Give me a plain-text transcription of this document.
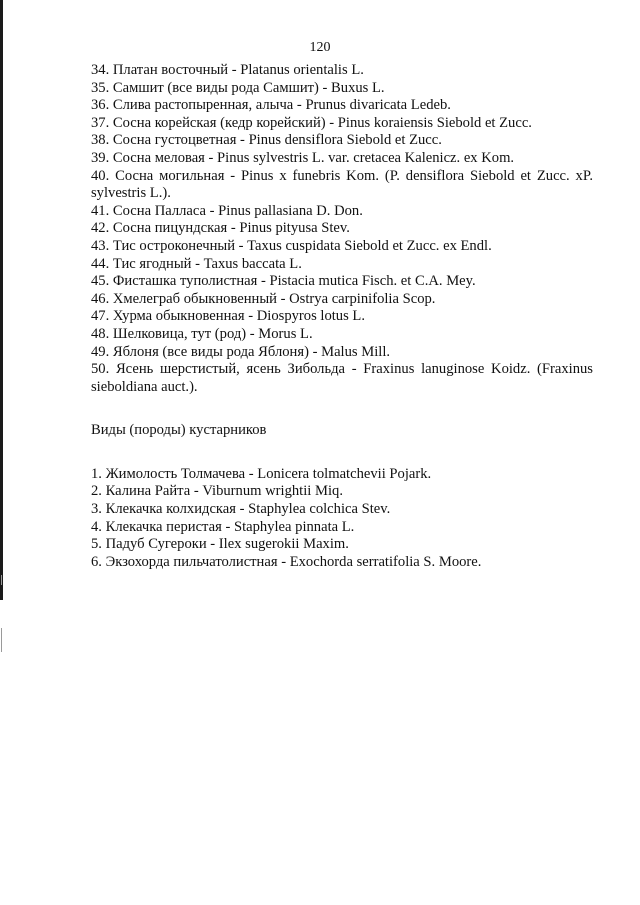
120

34. Платан восточный - Platanus orientalis L.

35. Самшит (все виды рода Самшит) - Buxus L.

36. Слива растопыренная, алыча - Prunus divaricata Ledeb.

37. Сосна корейская (кедр корейский) - Pinus koraiensis Siebold et Zucc.

38. Сосна густоцветная - Pinus densiflora Siebold et Zucc.

39. Сосна меловая - Pinus sylvestris L. var. cretacea Kalenicz. ex Kom.

40. Сосна могильная - Pinus x funebris Kom. (P. densiflora Siebold et Zucc. xP. sylvestris L.).

41. Сосна Палласа - Pinus pallasiana D. Don.

42. Сосна пицундская - Pinus pityusa Stev.

43. Тис остроконечный - Taxus cuspidata Siebold et Zucc. ex Endl.

44. Тис ягодный - Taxus baccata L.

45. Фисташка туполистная - Pistacia mutica Fisch. et C.A. Mey.

46. Хмелеграб обыкновенный - Ostrya carpinifolia Scop.

47. Хурма обыкновенная - Diospyros lotus L.

48. Шелковица, тут (род) - Morus L.

49. Яблоня (все виды рода Яблоня) - Malus Mill.

50. Ясень шерстистый, ясень Зибольда - Fraxinus lanuginose Koidz. (Fraxinus sieboldiana auct.).

Виды (породы) кустарников

1. Жимолость Толмачева - Lonicera tolmatchevii Pojark.

2. Калина Райта - Viburnum wrightii Miq.

3. Клекачка колхидская - Staphylea colchica Stev.

4. Клекачка перистая - Staphylea pinnata L.

5. Падуб Сугероки - Ilex sugerokii Maxim.

6. Экзохорда пильчатолистная - Exochorda serratifolia S. Moore.
